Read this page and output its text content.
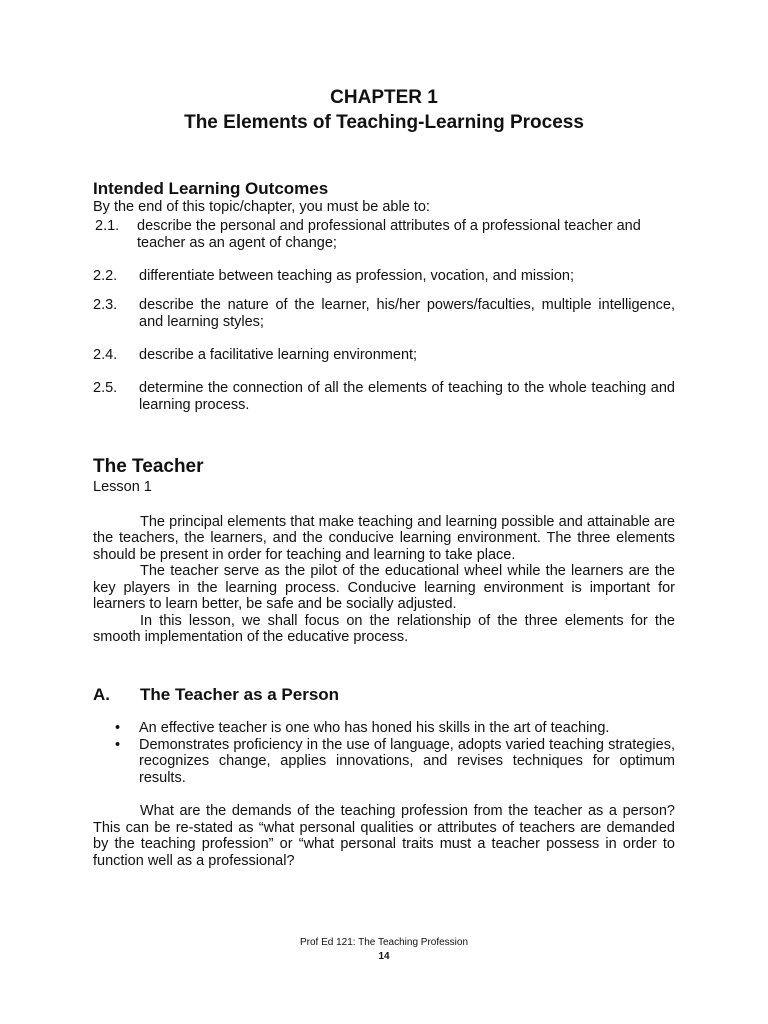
CHAPTER 1
The Elements of Teaching-Learning Process
Intended Learning Outcomes
By the end of this topic/chapter, you must be able to:
2.1.	describe the personal and professional attributes of a professional teacher and
teacher as an agent of change;
2.2.	differentiate between teaching as profession, vocation, and mission;
2.3.	describe the nature of the learner, his/her powers/faculties, multiple intelligence, and learning styles;
2.4.	describe a facilitative learning environment;
2.5.	determine the connection of all the elements of teaching to the whole teaching and learning process.
The Teacher
Lesson 1

The principal elements that make teaching and learning possible and attainable are the teachers, the learners, and the conducive learning environment. The three elements should be present in order for teaching and learning to take place.

The teacher serve as the pilot of the educational wheel while the learners are the key players in the learning process. Conducive learning environment is important for learners to learn better, be safe and be socially adjusted.

In this lesson, we shall focus on the relationship of the three elements for the smooth implementation of the educative process.

A.	The Teacher as a Person
•	An effective teacher is one who has honed his skills in the art of teaching.
•	Demonstrates proficiency in the use of language, adopts varied teaching strategies, recognizes change, applies innovations, and revises techniques for optimum results.

What are the demands of the teaching profession from the teacher as a person? This can be re-stated as “what personal qualities or attributes of teachers are demanded by the teaching profession” or “what personal traits must a teacher possess in order to function well as a professional?

Prof Ed 121: The Teaching Profession
14
